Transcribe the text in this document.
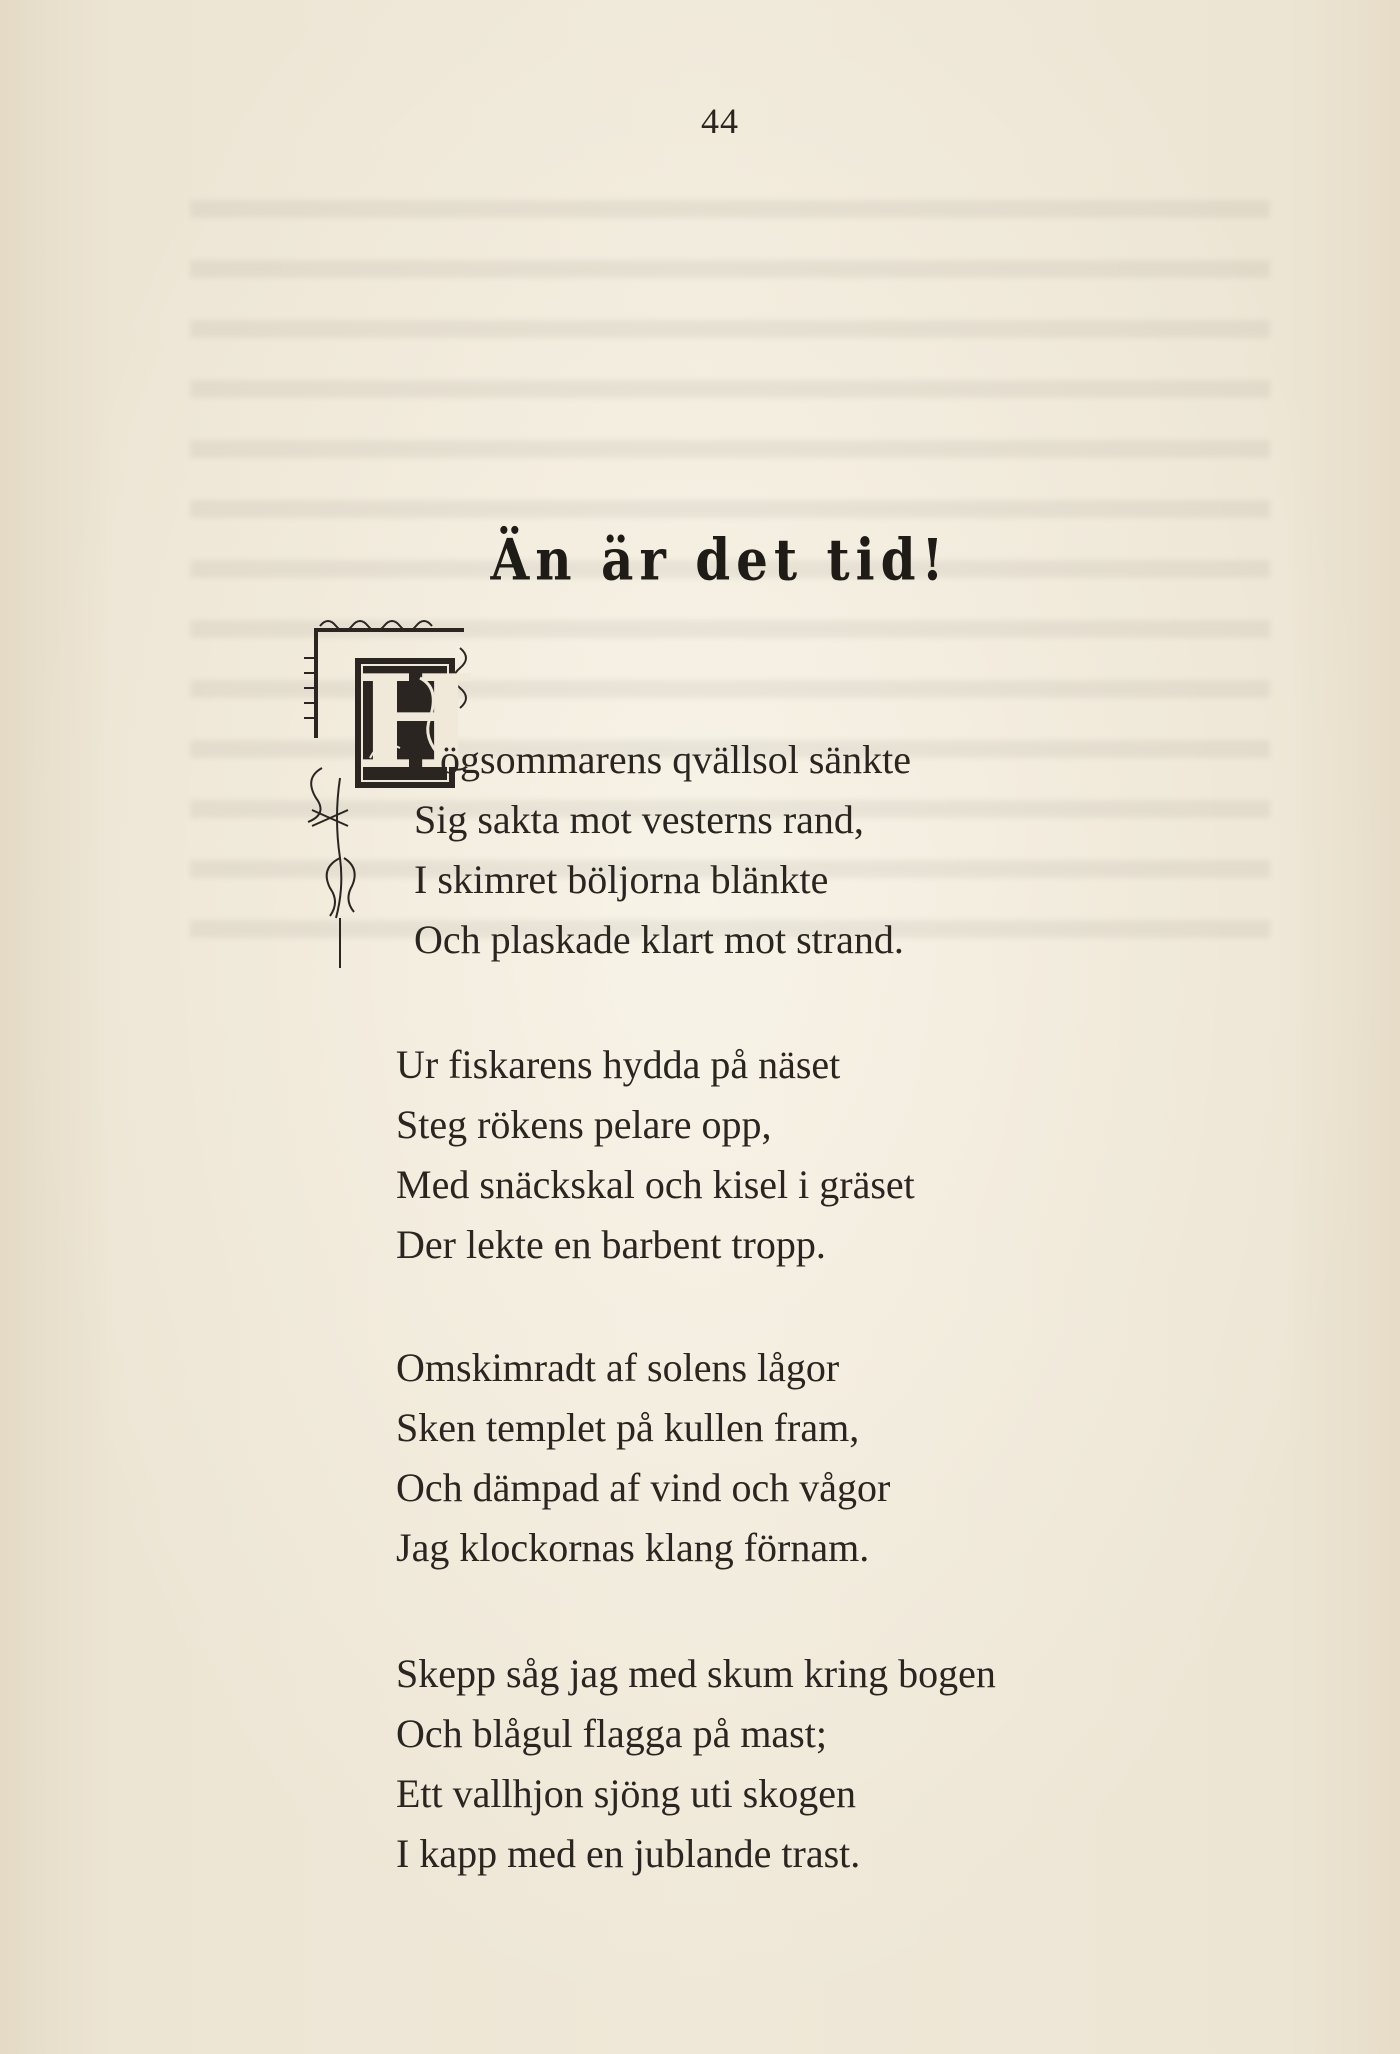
44
Än är det tid!
H
ögsommarens qvällsol sänkte
Sig sakta mot vesterns rand,
I skimret böljorna blänkte
Och plaskade klart mot strand.
Ur fiskarens hydda på näset
Steg rökens pelare opp,
Med snäckskal och kisel i gräset
Der lekte en barbent tropp.
Omskimradt af solens lågor
Sken templet på kullen fram,
Och dämpad af vind och vågor
Jag klockornas klang förnam.
Skepp såg jag med skum kring bogen
Och blågul flagga på mast;
Ett vallhjon sjöng uti skogen
I kapp med en jublande trast.
